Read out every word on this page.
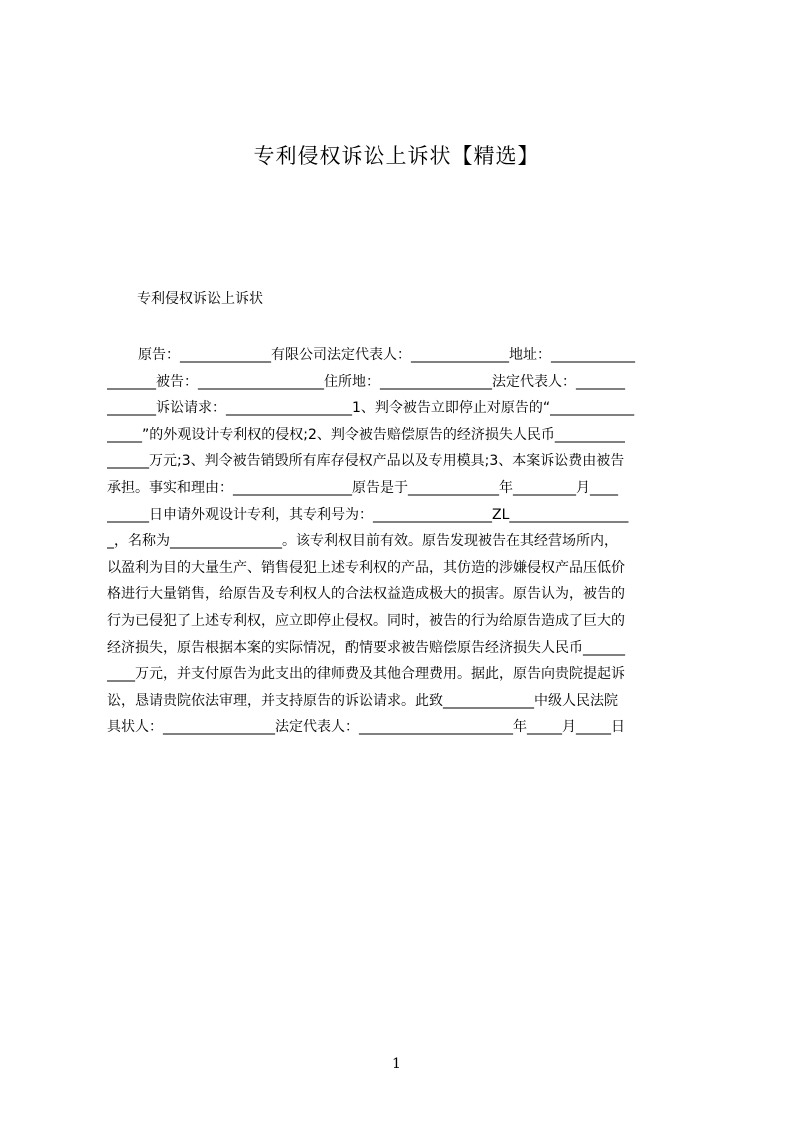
专利侵权诉讼上诉状【精选】
专利侵权诉讼上诉状
原告：_____________有限公司法定代表人：______________地址：____________
_______被告：__________________住所地：________________法定代表人：_______
_______诉讼请求：__________________1、判令被告立即停止对原告的“____________
_____”的外观设计专利权的侵权;2、判令被告赔偿原告的经济损失人民币__________
______万元;3、判令被告销毁所有库存侵权产品以及专用模具;3、本案诉讼费由被告
承担。事实和理由：_________________原告是于_____________年_________月____
______日申请外观设计专利，其专利号为：_________________ZL_________________
_，名称为________________。该专利权目前有效。原告发现被告在其经营场所内，
以盈利为目的大量生产、销售侵犯上述专利权的产品，其仿造的涉嫌侵权产品压低价
格进行大量销售，给原告及专利权人的合法权益造成极大的损害。原告认为，被告的
行为已侵犯了上述专利权，应立即停止侵权。同时，被告的行为给原告造成了巨大的
经济损失，原告根据本案的实际情况，酌情要求被告赔偿原告经济损失人民币______
____万元，并支付原告为此支出的律师费及其他合理费用。据此，原告向贵院提起诉
讼，恳请贵院依法审理，并支持原告的诉讼请求。此致_____________中级人民法院
具状人：________________法定代表人：______________________年_____月_____日
1
